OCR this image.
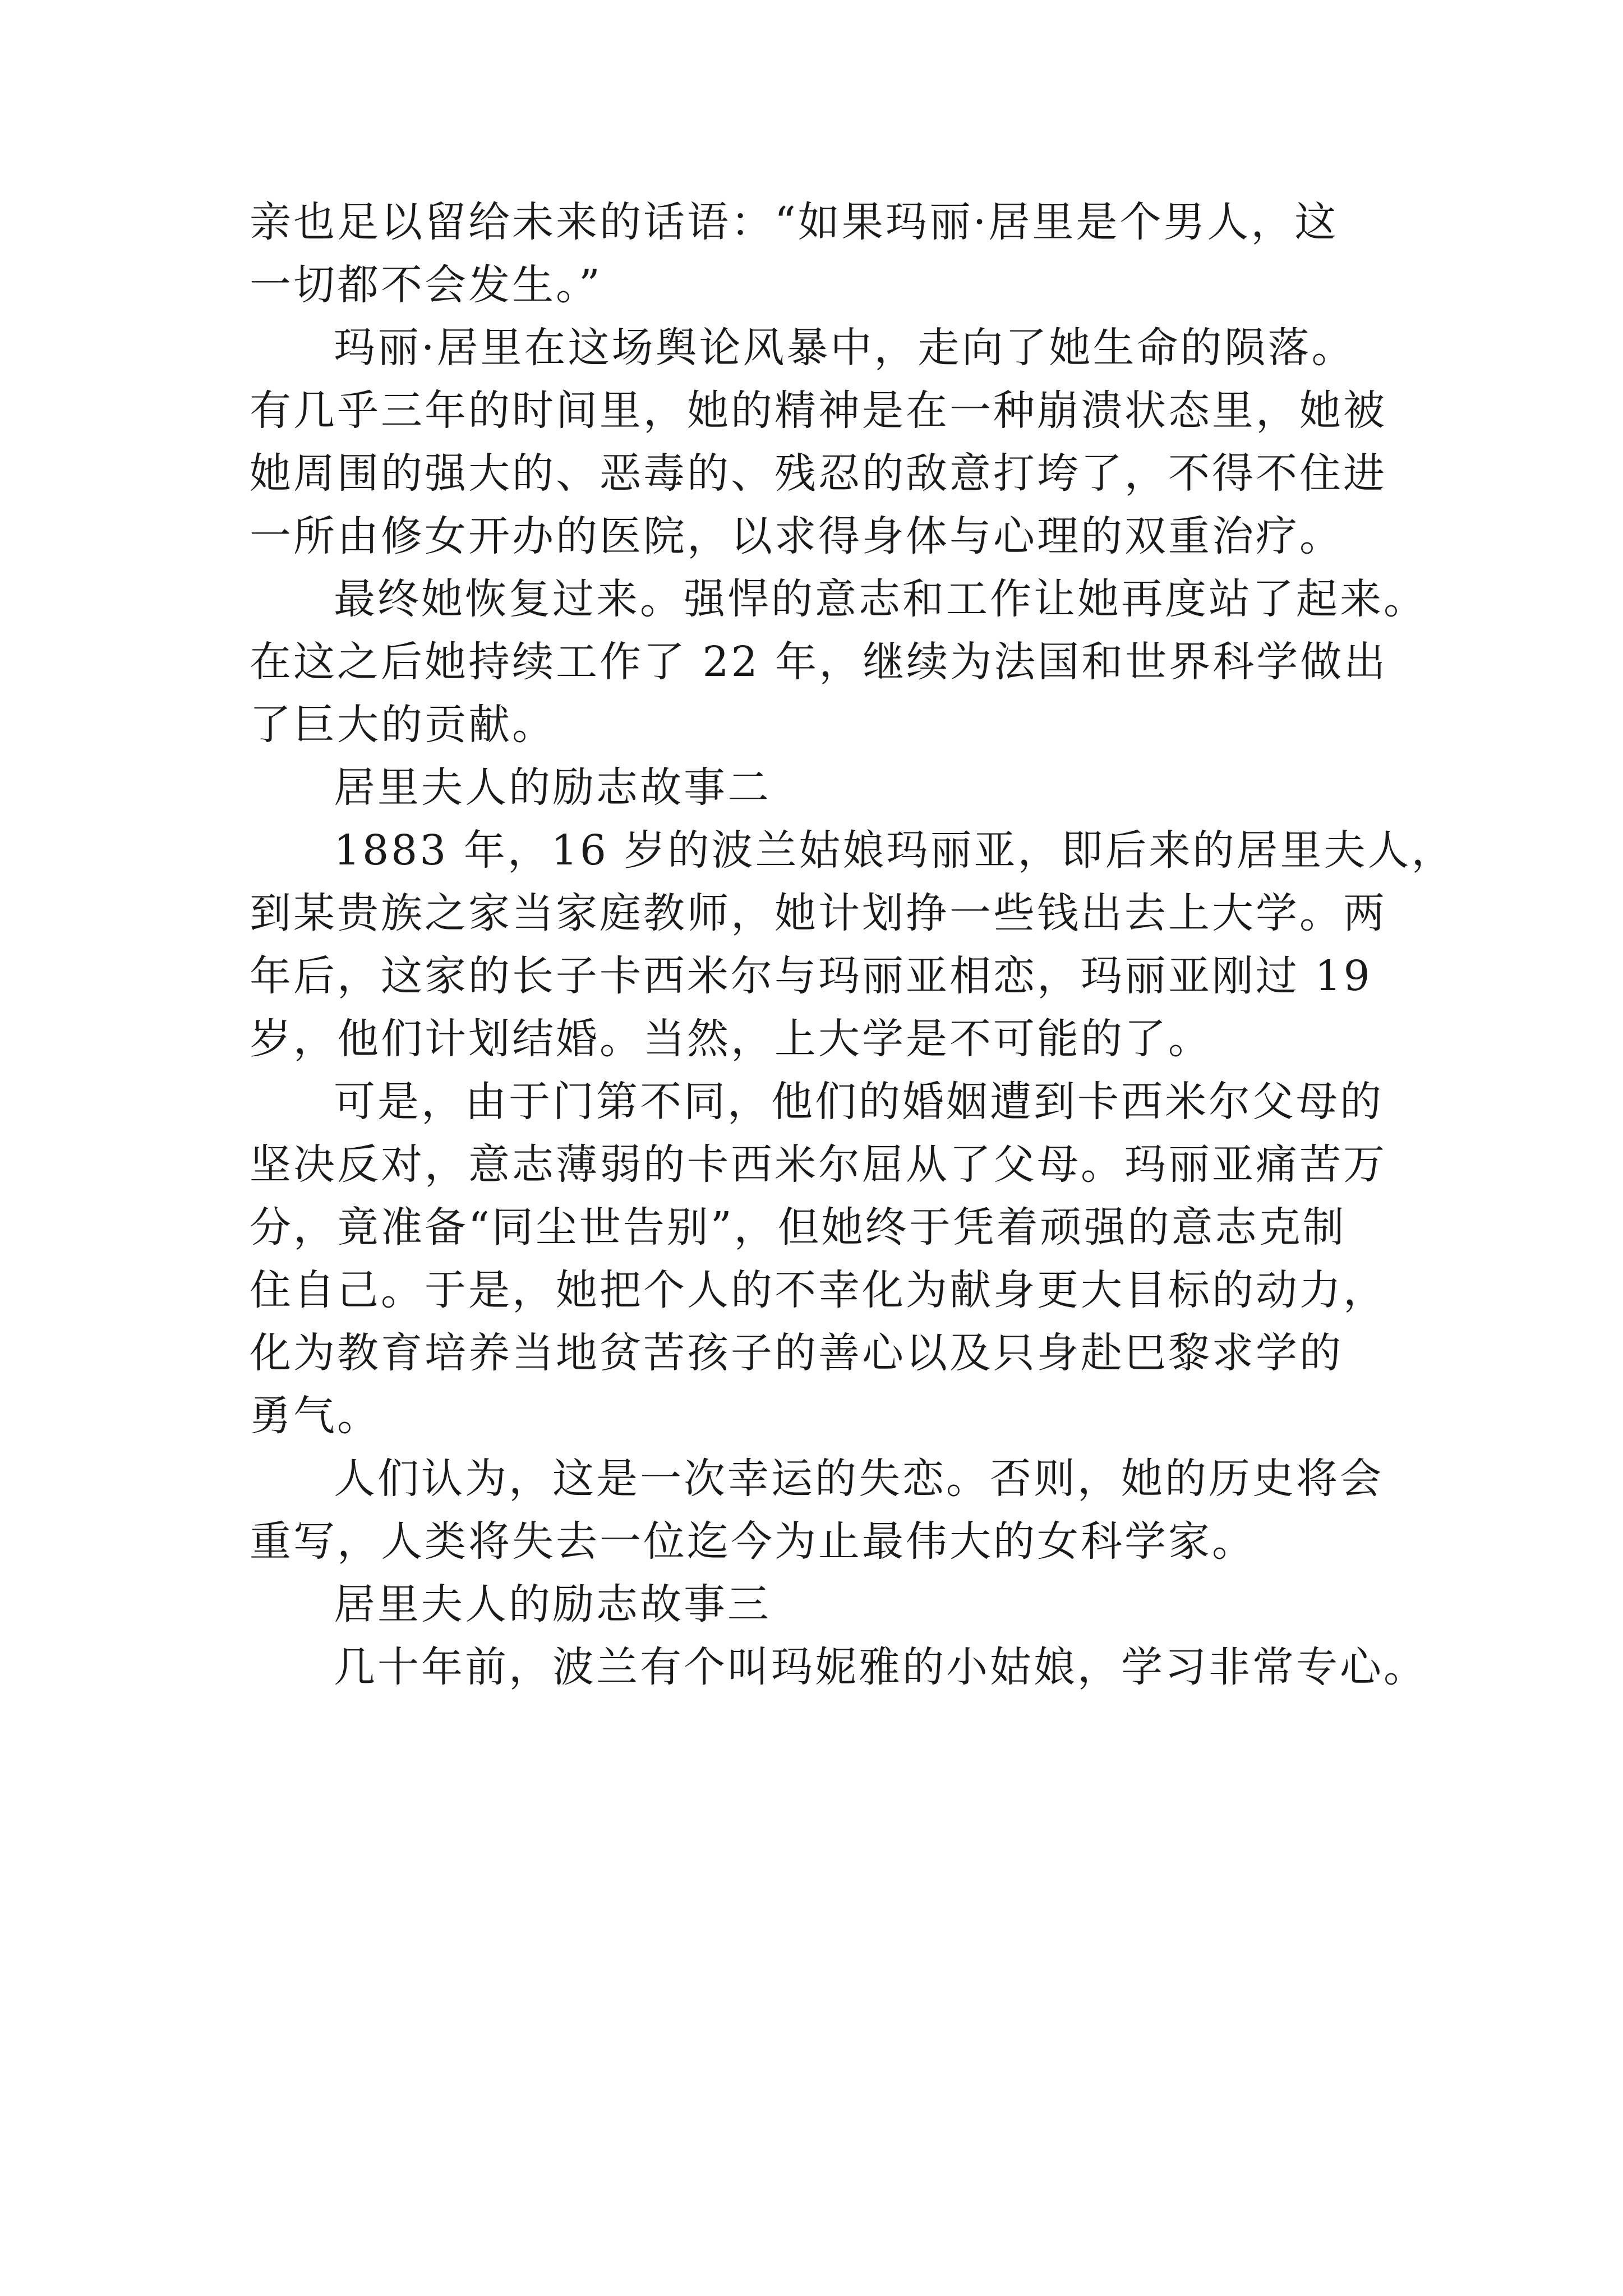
亲也足以留给未来的话语：“如果玛丽·居里是个男人，这
一切都不会发生。”
玛丽·居里在这场舆论风暴中，走向了她生命的陨落。
有几乎三年的时间里，她的精神是在一种崩溃状态里，她被
她周围的强大的、恶毒的、残忍的敌意打垮了，不得不住进
一所由修女开办的医院，以求得身体与心理的双重治疗。
最终她恢复过来。强悍的意志和工作让她再度站了起来。
在这之后她持续工作了 22 年，继续为法国和世界科学做出
了巨大的贡献。
居里夫人的励志故事二
1883 年，16 岁的波兰姑娘玛丽亚，即后来的居里夫人，
到某贵族之家当家庭教师，她计划挣一些钱出去上大学。两
年后，这家的长子卡西米尔与玛丽亚相恋，玛丽亚刚过 19
岁，他们计划结婚。当然，上大学是不可能的了。
可是，由于门第不同，他们的婚姻遭到卡西米尔父母的
坚决反对，意志薄弱的卡西米尔屈从了父母。玛丽亚痛苦万
分，竟准备“同尘世告别”，但她终于凭着顽强的意志克制
住自己。于是，她把个人的不幸化为献身更大目标的动力，
化为教育培养当地贫苦孩子的善心以及只身赴巴黎求学的
勇气。
人们认为，这是一次幸运的失恋。否则，她的历史将会
重写，人类将失去一位迄今为止最伟大的女科学家。
居里夫人的励志故事三
几十年前，波兰有个叫玛妮雅的小姑娘，学习非常专心。
